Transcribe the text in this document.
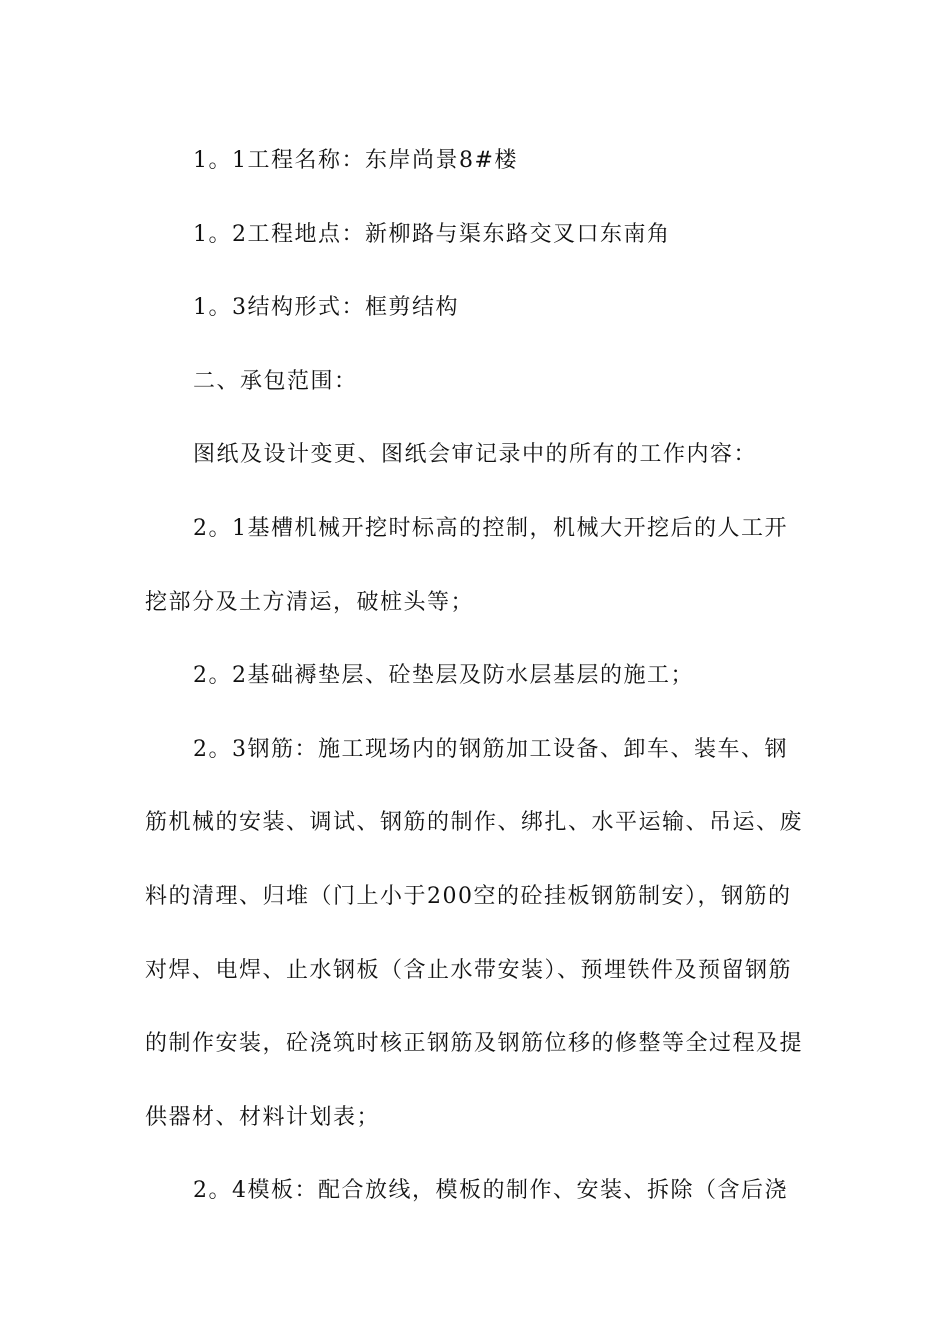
1。1工程名称：东岸尚景8#楼

1。2工程地点：新柳路与渠东路交叉口东南角

1。3结构形式：框剪结构

二、承包范围：

图纸及设计变更、图纸会审记录中的所有的工作内容：

2。1基槽机械开挖时标高的控制，机械大开挖后的人工开挖部分及土方清运，破桩头等；

2。2基础褥垫层、砼垫层及防水层基层的施工；

2。3钢筋：施工现场内的钢筋加工设备、卸车、装车、钢筋机械的安装、调试、钢筋的制作、绑扎、水平运输、吊运、废料的清理、归堆（门上小于200空的砼挂板钢筋制安），钢筋的对焊、电焊、止水钢板（含止水带安装）、预埋铁件及预留钢筋的制作安装，砼浇筑时核正钢筋及钢筋位移的修整等全过程及提供器材、材料计划表；

2。4模板：配合放线，模板的制作、安装、拆除（含后浇
